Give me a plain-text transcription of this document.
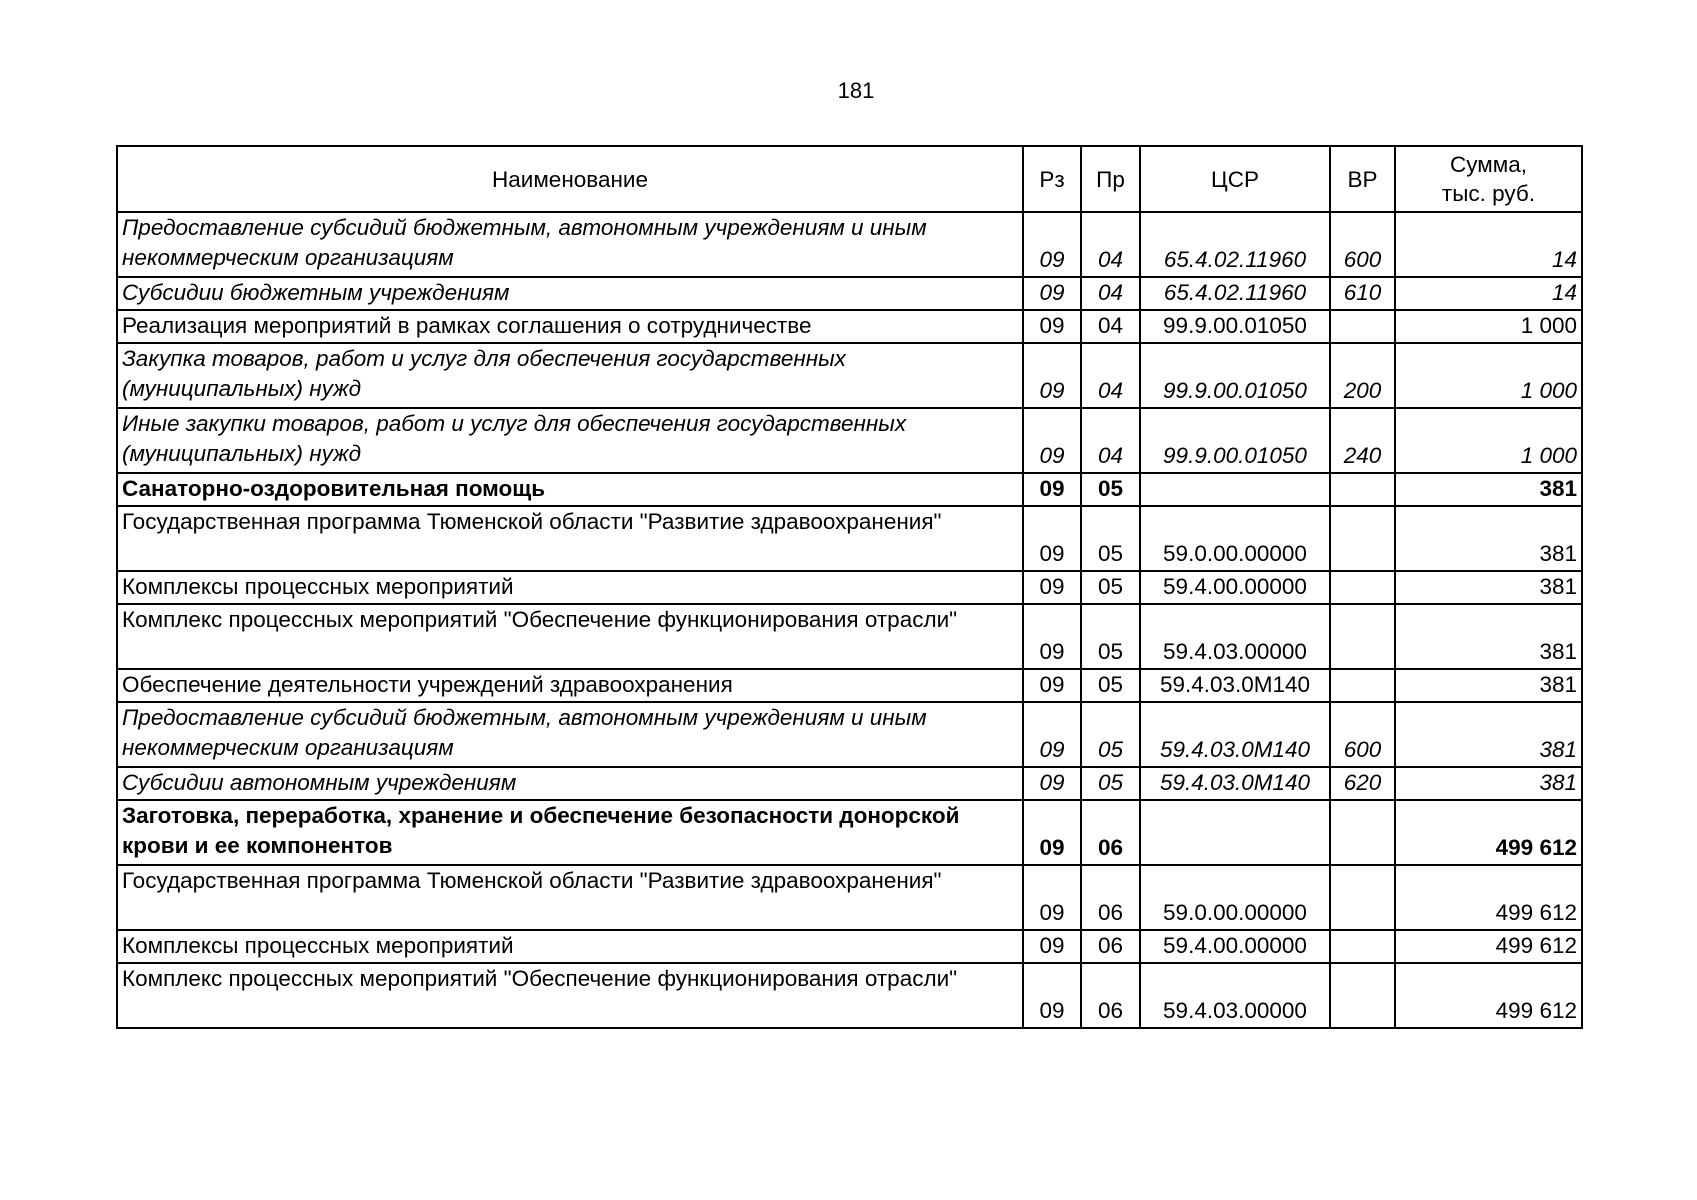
181
Наименование	Рз	Пр	ЦСР	ВР	Сумма,
тыс. руб.
Предоставление субсидий бюджетным, автономным учреждениям и иным некоммерческим организациям	09	04	65.4.02.11960	600	14
Субсидии бюджетным учреждениям	09	04	65.4.02.11960	610	14
Реализация мероприятий в рамках соглашения о сотрудничестве	09	04	99.9.00.01050		1 000
Закупка товаров, работ и услуг для обеспечения государственных (муниципальных) нужд	09	04	99.9.00.01050	200	1 000
Иные закупки товаров, работ и услуг для обеспечения государственных (муниципальных) нужд	09	04	99.9.00.01050	240	1 000
Санаторно-оздоровительная помощь	09	05			381
Государственная программа Тюменской области "Развитие здравоохранения"	09	05	59.0.00.00000		381
Комплексы процессных мероприятий	09	05	59.4.00.00000		381
Комплекс процессных мероприятий "Обеспечение функционирования отрасли"	09	05	59.4.03.00000		381
Обеспечение деятельности учреждений здравоохранения	09	05	59.4.03.0М140		381
Предоставление субсидий бюджетным, автономным учреждениям и иным некоммерческим организациям	09	05	59.4.03.0М140	600	381
Субсидии автономным учреждениям	09	05	59.4.03.0М140	620	381
Заготовка, переработка, хранение и обеспечение безопасности донорской крови и ее компонентов	09	06			499 612
Государственная программа Тюменской области "Развитие здравоохранения"	09	06	59.0.00.00000		499 612
Комплексы процессных мероприятий	09	06	59.4.00.00000		499 612
Комплекс процессных мероприятий "Обеспечение функционирования отрасли"	09	06	59.4.03.00000		499 612
